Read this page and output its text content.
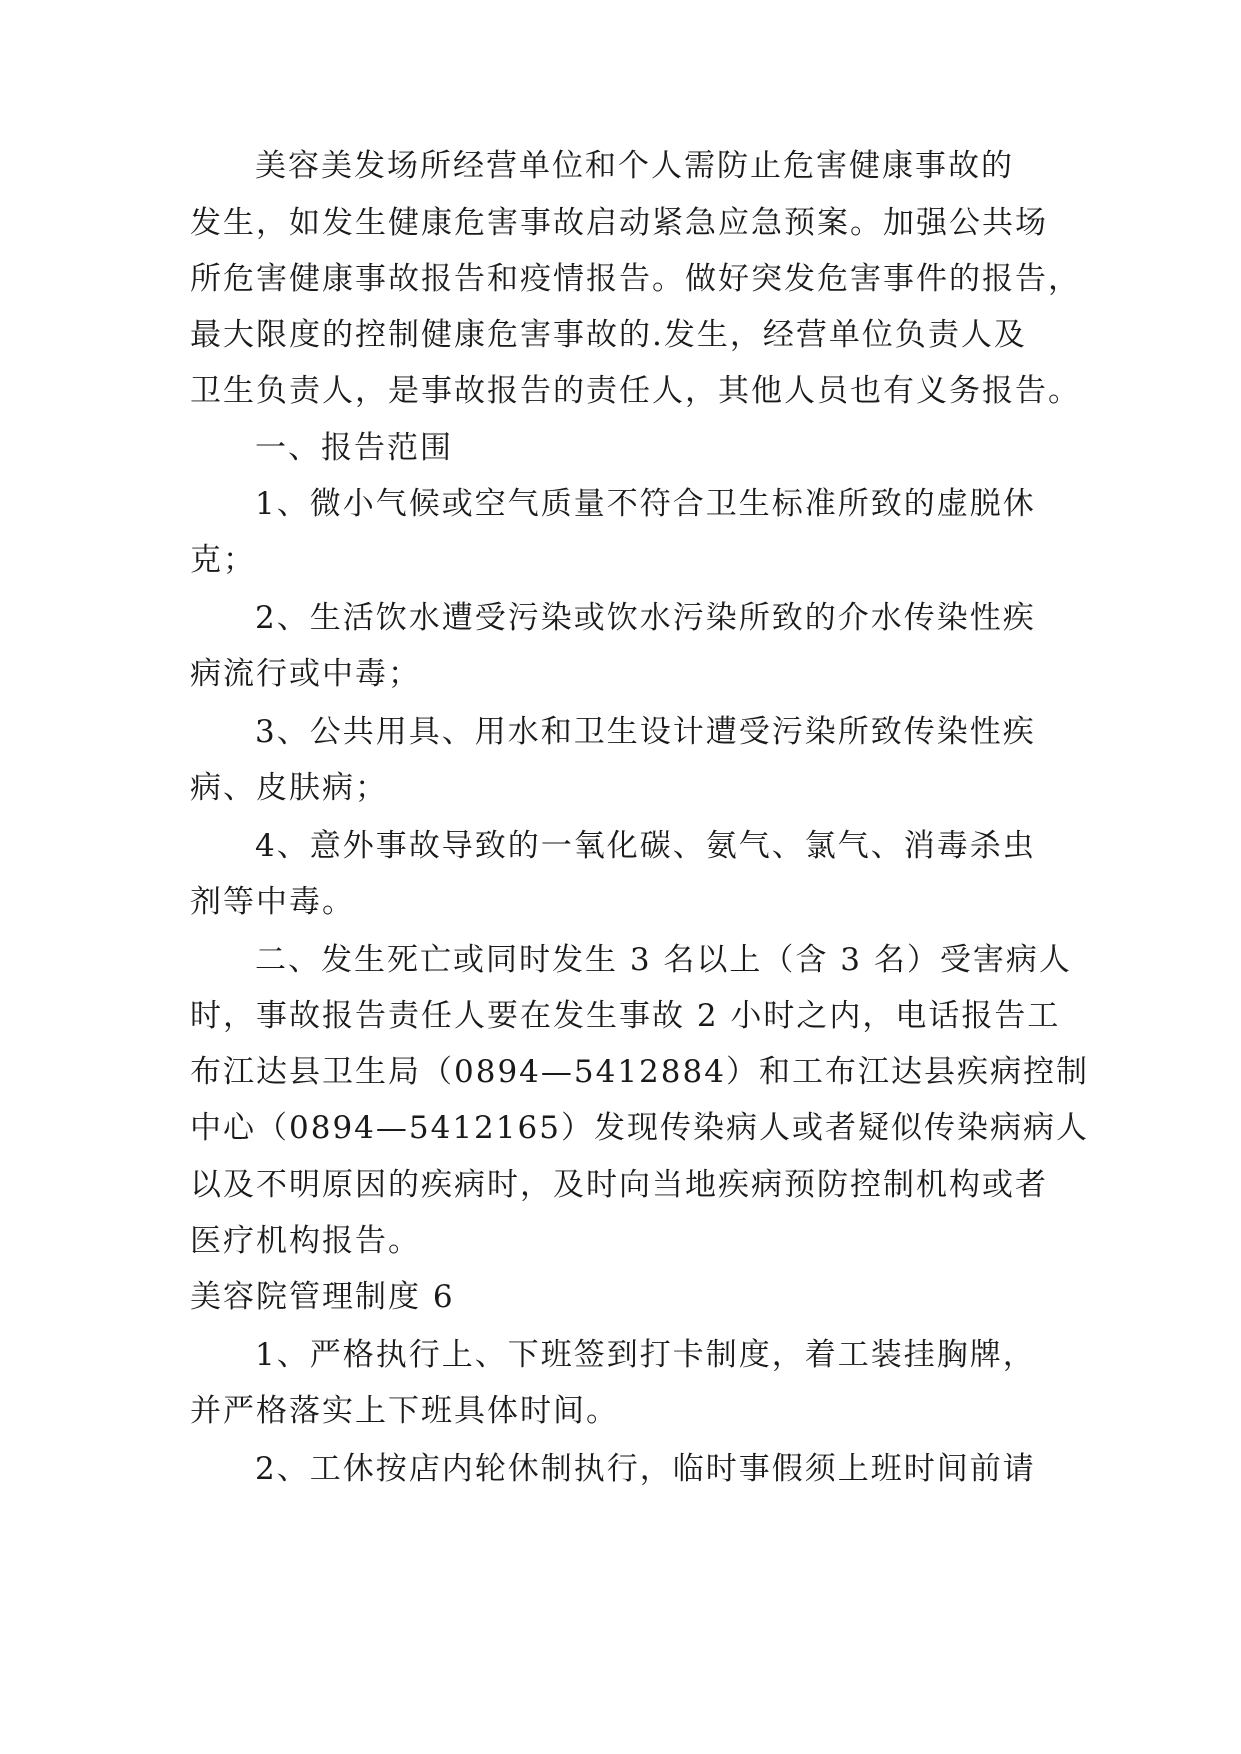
美容美发场所经营单位和个人需防止危害健康事故的
发生，如发生健康危害事故启动紧急应急预案。加强公共场
所危害健康事故报告和疫情报告。做好突发危害事件的报告，
最大限度的控制健康危害事故的.发生，经营单位负责人及
卫生负责人，是事故报告的责任人，其他人员也有义务报告。
一、报告范围
1、微小气候或空气质量不符合卫生标准所致的虚脱休
克；
2、生活饮水遭受污染或饮水污染所致的介水传染性疾
病流行或中毒；
3、公共用具、用水和卫生设计遭受污染所致传染性疾
病、皮肤病；
4、意外事故导致的一氧化碳、氨气、氯气、消毒杀虫
剂等中毒。
二、发生死亡或同时发生 3 名以上（含 3 名）受害病人
时，事故报告责任人要在发生事故 2 小时之内，电话报告工
布江达县卫生局（0894—5412884）和工布江达县疾病控制
中心（0894—5412165）发现传染病人或者疑似传染病病人
以及不明原因的疾病时，及时向当地疾病预防控制机构或者
医疗机构报告。
美容院管理制度 6
1、严格执行上、下班签到打卡制度，着工装挂胸牌，
并严格落实上下班具体时间。
2、工休按店内轮休制执行，临时事假须上班时间前请
